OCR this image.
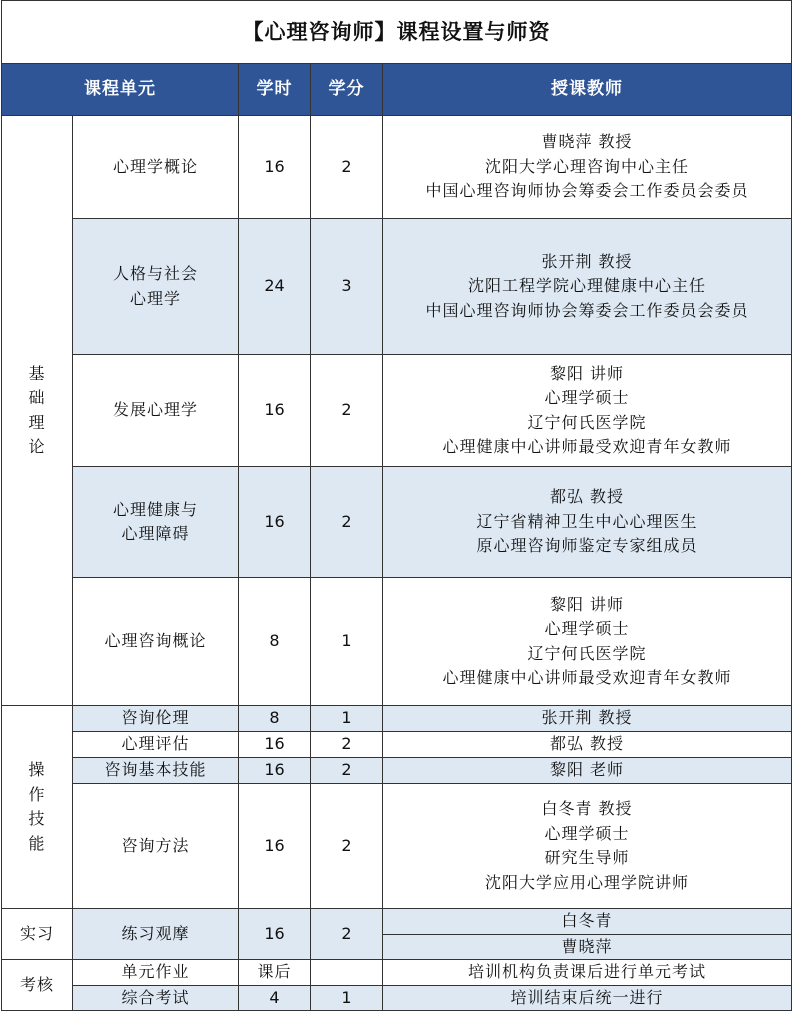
【心理咨询师】课程设置与师资				
课程单元		学时	学分	授课教师

基
础
理
论	心理学概论	16	2	曹晓萍 教授
沈阳大学心理咨询中心主任
中国心理咨询师协会筹委会工作委员会委员

	人格与社会
心理学	24	3	张开荆 教授
沈阳工程学院心理健康中心主任
中国心理咨询师协会筹委会工作委员会委员

	发展心理学	16	2	黎阳 讲师
心理学硕士
辽宁何氏医学院
心理健康中心讲师最受欢迎青年女教师

	心理健康与
心理障碍	16	2	都弘 教授
辽宁省精神卫生中心心理医生
原心理咨询师鉴定专家组成员

	心理咨询概论	8	1	黎阳 讲师
心理学硕士
辽宁何氏医学院
心理健康中心讲师最受欢迎青年女教师

操
作
技
能	咨询伦理	8	1	张开荆 教授
	心理评估	16	2	都弘 教授
	咨询基本技能	16	2	黎阳 老师
	咨询方法	16	2	白冬青 教授
心理学硕士
研究生导师
沈阳大学应用心理学院讲师

实习	练习观摩	16	2	白冬青
				曹晓萍
考核	单元作业	课后		培训机构负责课后进行单元考试
	综合考试	4	1	培训结束后统一进行
